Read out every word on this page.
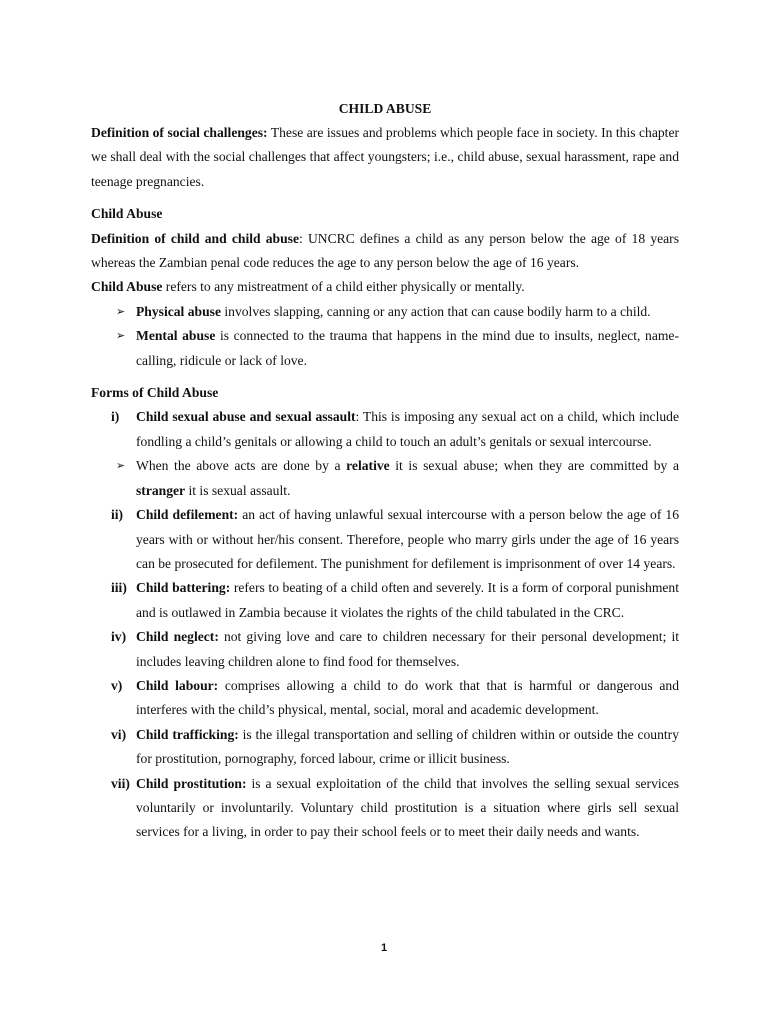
CHILD ABUSE

Definition of social challenges: These are issues and problems which people face in society. In this chapter we shall deal with the social challenges that affect youngsters; i.e., child abuse, sexual harassment, rape and teenage pregnancies.

Child Abuse

Definition of child and child abuse: UNCRC defines a child as any person below the age of 18 years whereas the Zambian penal code reduces the age to any person below the age of 16 years.

Child Abuse refers to any mistreatment of a child either physically or mentally.

➢ Physical abuse involves slapping, canning or any action that can cause bodily harm to a child.
➢ Mental abuse is connected to the trauma that happens in the mind due to insults, neglect, name-calling, ridicule or lack of love.

Forms of Child Abuse

i)	Child sexual abuse and sexual assault: This is imposing any sexual act on a child, which include fondling a child’s genitals or allowing a child to touch an adult’s genitals or sexual intercourse.
➢ When the above acts are done by a relative it is sexual abuse; when they are committed by a stranger it is sexual assault.
ii) Child defilement: an act of having unlawful sexual intercourse with a person below the age of 16 years with or without her/his consent. Therefore, people who marry girls under the age of 16 years can be prosecuted for defilement. The punishment for defilement is imprisonment of over 14 years.
iii) Child battering: refers to beating of a child often and severely. It is a form of corporal punishment and is outlawed in Zambia because it violates the rights of the child tabulated in the CRC.
iv) Child neglect: not giving love and care to children necessary for their personal development; it includes leaving children alone to find food for themselves.
v)	Child labour: comprises allowing a child to do work that that is harmful or dangerous and interferes with the child’s physical, mental, social, moral and academic development.
vi) Child trafficking: is the illegal transportation and selling of children within or outside the country for prostitution, pornography, forced labour, crime or illicit business.
vii) Child prostitution: is a sexual exploitation of the child that involves the selling sexual services voluntarily or involuntarily. Voluntary child prostitution is a situation where girls sell sexual services for a living, in order to pay their school feels or to meet their daily needs and wants.
1
